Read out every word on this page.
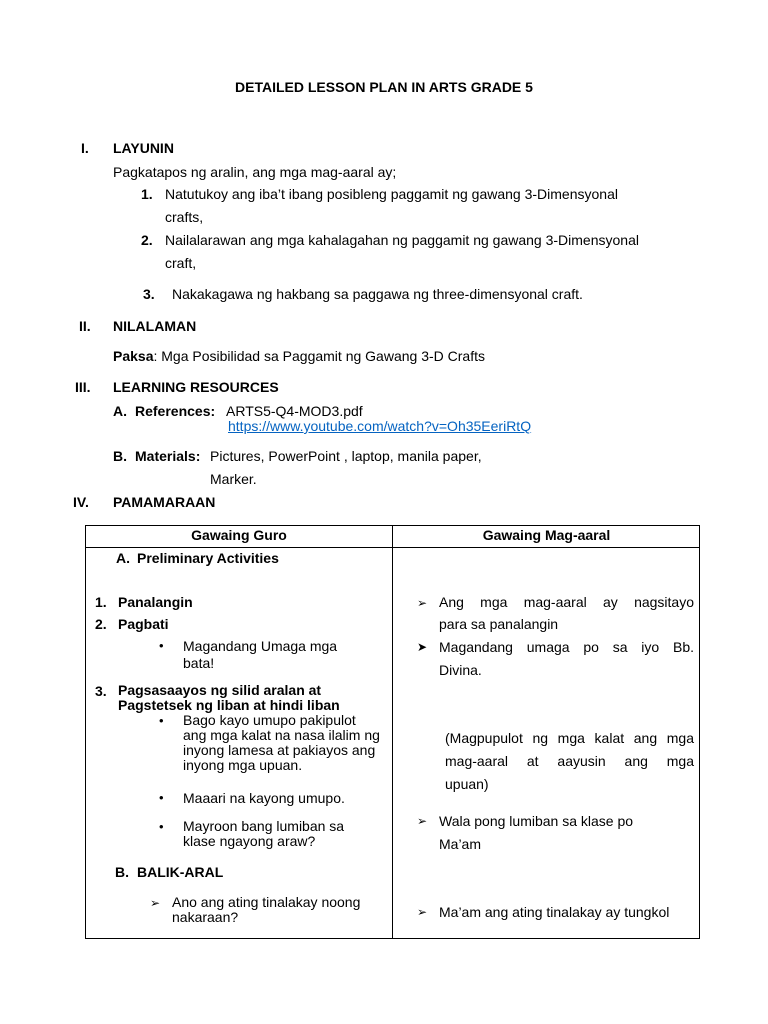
DETAILED LESSON PLAN IN ARTS GRADE 5
I. LAYUNIN
Pagkatapos ng aralin, ang mga mag-aaral ay;
1. Natutukoy ang iba’t ibang posibleng paggamit ng gawang 3-Dimensyonal
crafts,
2. Nailalarawan ang mga kahalagahan ng paggamit ng gawang 3-Dimensyonal
craft,
3. Nakakagawa ng hakbang sa paggawa ng three-dimensyonal craft.
II. NILALAMAN
Paksa: Mga Posibilidad sa Paggamit ng Gawang 3-D Crafts
III. LEARNING RESOURCES
A. References: ARTS5-Q4-MOD3.pdf
https://www.youtube.com/watch?v=Oh35EeriRtQ
B. Materials: Pictures, PowerPoint , laptop, manila paper,
Marker.
IV. PAMAMARAAN
Gawaing Guro	Gawaing Mag-aaral
A. Preliminary Activities
1. Panalangin
2. Pagbati
• Magandang Umaga mga bata!
3. Pagsasaayos ng silid aralan at Pagstetsek ng liban at hindi liban
• Bago kayo umupo pakipulot ang mga kalat na nasa ilalim ng inyong lamesa at pakiayos ang inyong mga upuan.
• Maaari na kayong umupo.
• Mayroon bang lumiban sa klase ngayong araw?
B. BALIK-ARAL
➢ Ano ang ating tinalakay noong nakaraan?
➢ Ang mga mag-aaral ay nagsitayo
para sa panalangin
➤ Magandang umaga po sa iyo Bb.
Divina.
(Magpupulot ng mga kalat ang mga
mag-aaral at aayusin ang mga
upuan)
➢ Wala pong lumiban sa klase po
Ma’am
➢ Ma’am ang ating tinalakay ay tungkol
